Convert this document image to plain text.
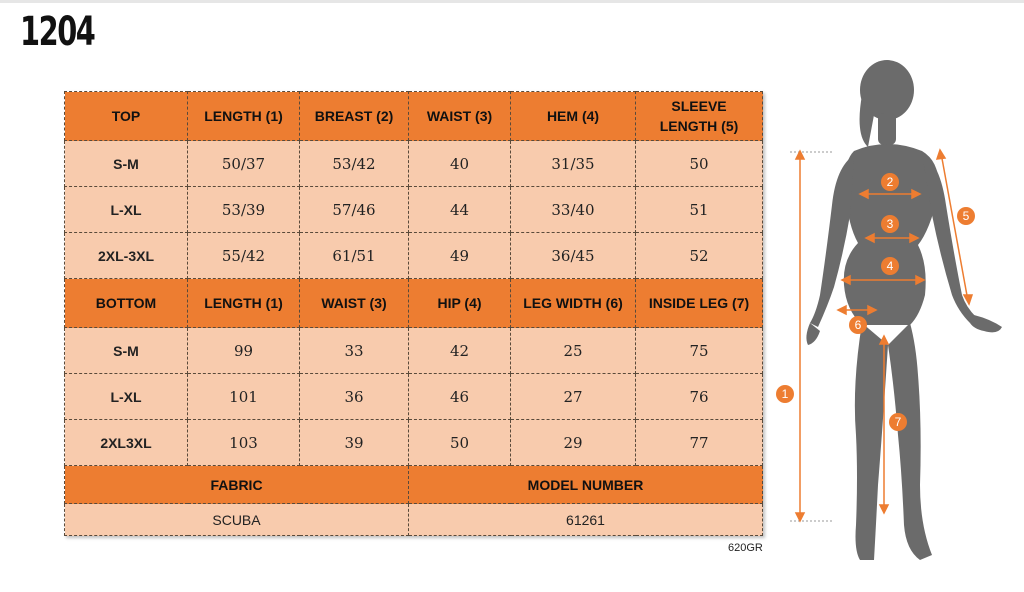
1204
TOP	LENGTH (1)	BREAST (2)	WAIST (3)	HEM (4)	SLEEVE LENGTH (5)
S-M	50/37	53/42	40	31/35	50
L-XL	53/39	57/46	44	33/40	51
2XL-3XL	55/42	61/51	49	36/45	52
BOTTOM	LENGTH (1)	WAIST (3)	HIP (4)	LEG WIDTH (6)	INSIDE LEG (7)
S-M	99	33	42	25	75
L-XL	101	36	46	27	76
2XL3XL	103	39	50	29	77
FABRIC			MODEL NUMBER		
SCUBA			61261		
620GR
1
2
3
4
5
6
7
